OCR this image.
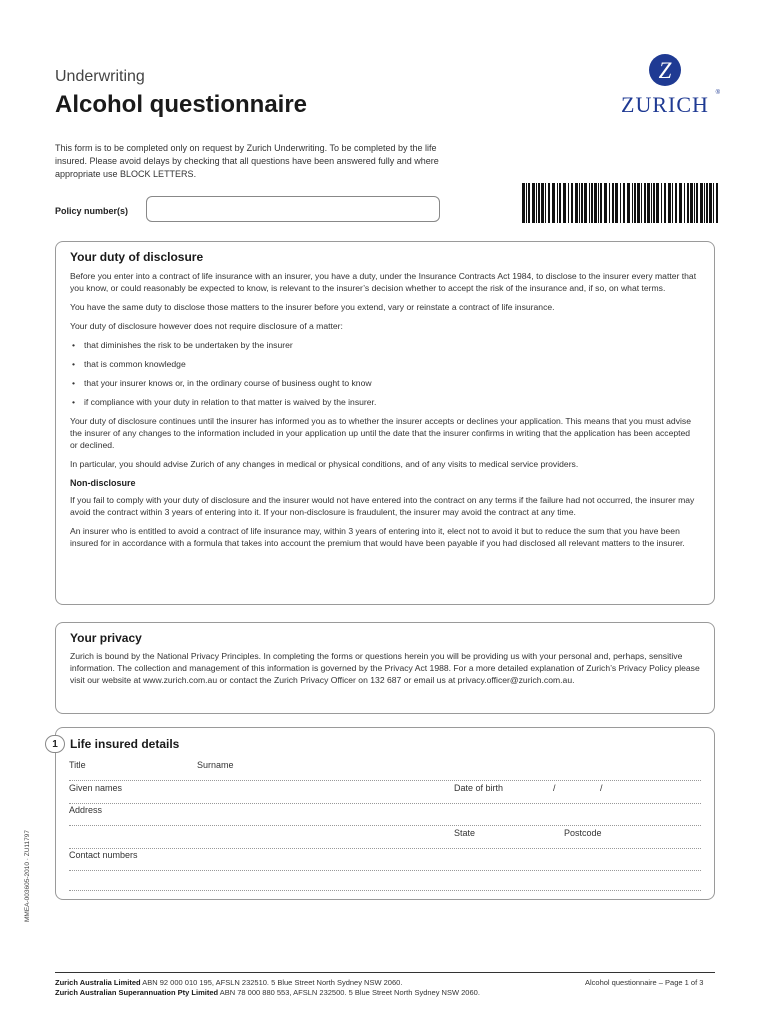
Underwriting
Alcohol questionnaire
Z
ZURICH ®
This form is to be completed only on request by Zurich Underwriting. To be completed by the life insured. Please avoid delays by checking that all questions have been answered fully and where appropriate use BLOCK LETTERS.
Policy number(s)
Your duty of disclosure

Before you enter into a contract of life insurance with an insurer, you have a duty, under the Insurance Contracts Act 1984, to disclose to the insurer every matter that you know, or could reasonably be expected to know, is relevant to the insurer’s decision whether to accept the risk of the insurance and, if so, on what terms.

You have the same duty to disclose those matters to the insurer before you extend, vary or reinstate a contract of life insurance.

Your duty of disclosure however does not require disclosure of a matter:

• that diminishes the risk to be undertaken by the insurer
• that is common knowledge
• that your insurer knows or, in the ordinary course of business ought to know
• if compliance with your duty in relation to that matter is waived by the insurer.

Your duty of disclosure continues until the insurer has informed you as to whether the insurer accepts or declines your application. This means that you must advise the insurer of any changes to the information included in your application up until the date that the insurer confirms in writing that the application has been accepted or declined.

In particular, you should advise Zurich of any changes in medical or physical conditions, and of any visits to medical service providers.

Non-disclosure

If you fail to comply with your duty of disclosure and the insurer would not have entered into the contract on any terms if the failure had not occurred, the insurer may avoid the contract within 3 years of entering into it. If your non-disclosure is fraudulent, the insurer may avoid the contract at any time.

An insurer who is entitled to avoid a contract of life insurance may, within 3 years of entering into it, elect not to avoid it but to reduce the sum that you have been insured for in accordance with a formula that takes into account the premium that would have been payable if you had disclosed all relevant matters to the insurer.

Your privacy

Zurich is bound by the National Privacy Principles. In completing the forms or questions herein you will be providing us with your personal and, perhaps, sensitive information. The collection and management of this information is governed by the Privacy Act 1988. For a more detailed explanation of Zurich’s Privacy Policy please visit our website at www.zurich.com.au or contact the Zurich Privacy Officer on 132 687 or email us at privacy.officer@zurich.com.au.

1	Life insured details
Title	Surname
Given names	Date of birth	/	/
Address
State	Postcode
Contact numbers
MMEA-003605-2010 · ZU11797
Zurich Australia Limited ABN 92 000 010 195, AFSLN 232510. 5 Blue Street North Sydney NSW 2060.
Zurich Australian Superannuation Pty Limited ABN 78 000 880 553, AFSLN 232500. 5 Blue Street North Sydney NSW 2060.
Alcohol questionnaire – Page 1 of 3
